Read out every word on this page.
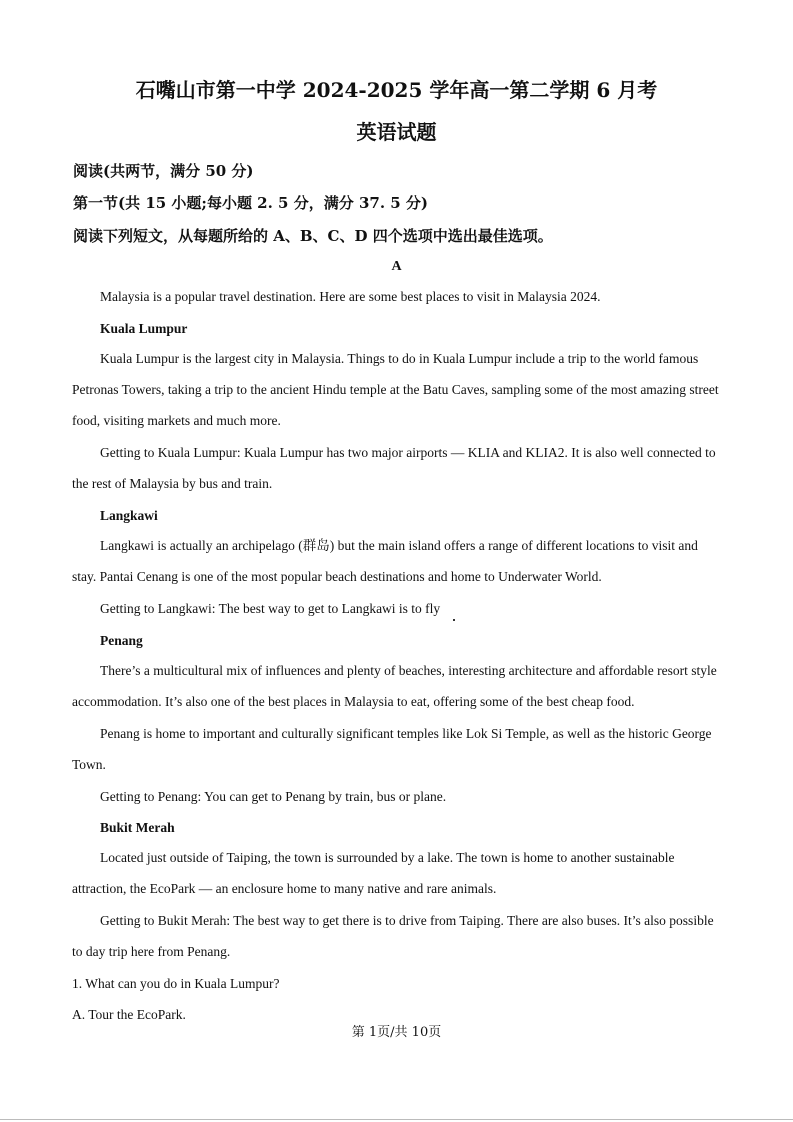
石嘴山市第一中学 2024-2025 学年高一第二学期 6 月考
英语试题
阅读(共两节，满分 50 分)
第一节(共 15 小题;每小题 2. 5 分，满分 37. 5 分)
阅读下列短文，从每题所给的 A、B、C、D 四个选项中选出最佳选项。
A

Malaysia is a popular travel destination. Here are some best places to visit in Malaysia 2024.

Kuala Lumpur

Kuala Lumpur is the largest city in Malaysia. Things to do in Kuala Lumpur include a trip to the world famous Petronas Towers, taking a trip to the ancient Hindu temple at the Batu Caves, sampling some of the most amazing street food, visiting markets and much more.

Getting to Kuala Lumpur: Kuala Lumpur has two major airports — KLIA and KLIA2. It is also well connected to the rest of Malaysia by bus and train.

Langkawi

Langkawi is actually an archipelago (群岛) but the main island offers a range of different locations to visit and stay. Pantai Cenang is one of the most popular beach destinations and home to Underwater World.

Getting to Langkawi: The best way to get to Langkawi is to fly

Penang

There’s a multicultural mix of influences and plenty of beaches, interesting architecture and affordable resort style accommodation. It’s also one of the best places in Malaysia to eat, offering some of the best cheap food.

Penang is home to important and culturally significant temples like Lok Si Temple, as well as the historic George Town.

Getting to Penang: You can get to Penang by train, bus or plane.

Bukit Merah

Located just outside of Taiping, the town is surrounded by a lake. The town is home to another sustainable attraction, the EcoPark — an enclosure home to many native and rare animals.

Getting to Bukit Merah: The best way to get there is to drive from Taiping. There are also buses. It’s also possible to day trip here from Penang.

1. What can you do in Kuala Lumpur?
A. Tour the EcoPark.
第 1页/共 10页
